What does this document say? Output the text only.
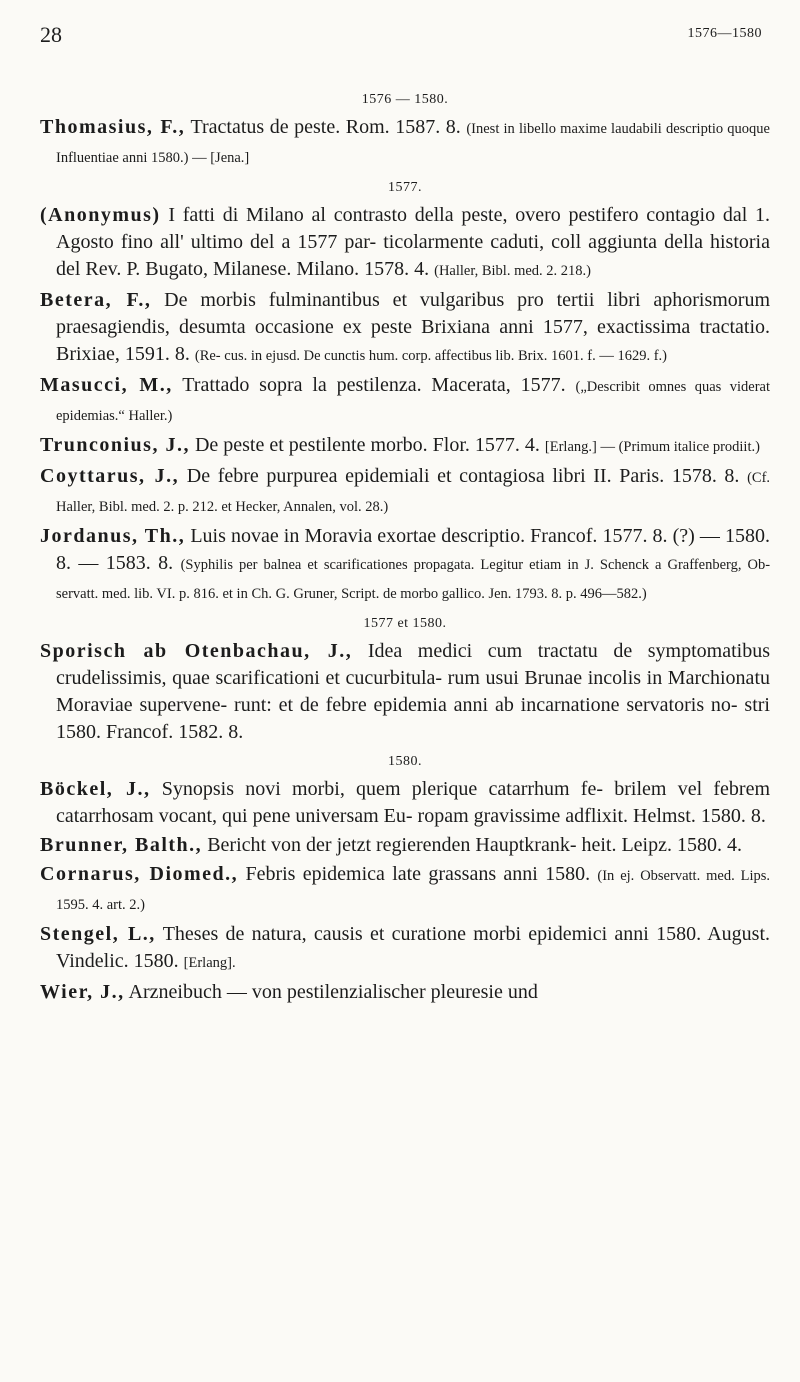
28	1576—1580
1576 — 1580.

Thomasius, F., Tractatus de peste. Rom. 1587. 8. (Inest in libello maxime laudabili descriptio quoque Influentiae anni 1580.) — [Jena.]

1577.

(Anonymus) I fatti di Milano al contrasto della peste, overo pestifero contagio dal 1. Agosto fino all' ultimo del a 1577 par- ticolarmente caduti, coll aggiunta della historia del Rev. P. Bugato, Milanese. Milano. 1578. 4. (Haller, Bibl. med. 2. 218.)

Betera, F., De morbis fulminantibus et vulgaribus pro tertii libri aphorismorum praesagiendis, desumta occasione ex peste Brixiana anni 1577, exactissima tractatio. Brixiae, 1591. 8. (Re- cus. in ejusd. De cunctis hum. corp. affectibus lib. Brix. 1601. f. — 1629. f.)

Masucci, M., Trattado sopra la pestilenza. Macerata, 1577. („Describit omnes quas viderat epidemias.“ Haller.)

Trunconius, J., De peste et pestilente morbo. Flor. 1577. 4. [Erlang.] — (Primum italice prodiit.)

Coyttarus, J., De febre purpurea epidemiali et contagiosa libri II. Paris. 1578. 8. (Cf. Haller, Bibl. med. 2. p. 212. et Hecker, Annalen, vol. 28.)

Jordanus, Th., Luis novae in Moravia exortae descriptio. Francof. 1577. 8. (?) — 1580. 8. — 1583. 8. (Syphilis per balnea et scarificationes propagata. Legitur etiam in J. Schenck a Graffenberg, Ob- servatt. med. lib. VI. p. 816. et in Ch. G. Gruner, Script. de morbo gallico. Jen. 1793. 8. p. 496—582.)

1577 et 1580.

Sporisch ab Otenbachau, J., Idea medici cum tractatu de symptomatibus crudelissimis, quae scarificationi et cucurbitula- rum usui Brunae incolis in Marchionatu Moraviae supervene- runt: et de febre epidemia anni ab incarnatione servatoris no- stri 1580. Francof. 1582. 8.

1580.

Böckel, J., Synopsis novi morbi, quem plerique catarrhum fe- brilem vel febrem catarrhosam vocant, qui pene universam Eu- ropam gravissime adflixit. Helmst. 1580. 8.

Brunner, Balth., Bericht von der jetzt regierenden Hauptkrank- heit. Leipz. 1580. 4.

Cornarus, Diomed., Febris epidemica late grassans anni 1580. (In ej. Observatt. med. Lips. 1595. 4. art. 2.)

Stengel, L., Theses de natura, causis et curatione morbi epidemici anni 1580. August. Vindelic. 1580. [Erlang].

Wier, J., Arzneibuch — von pestilenzialischer pleuresie und
